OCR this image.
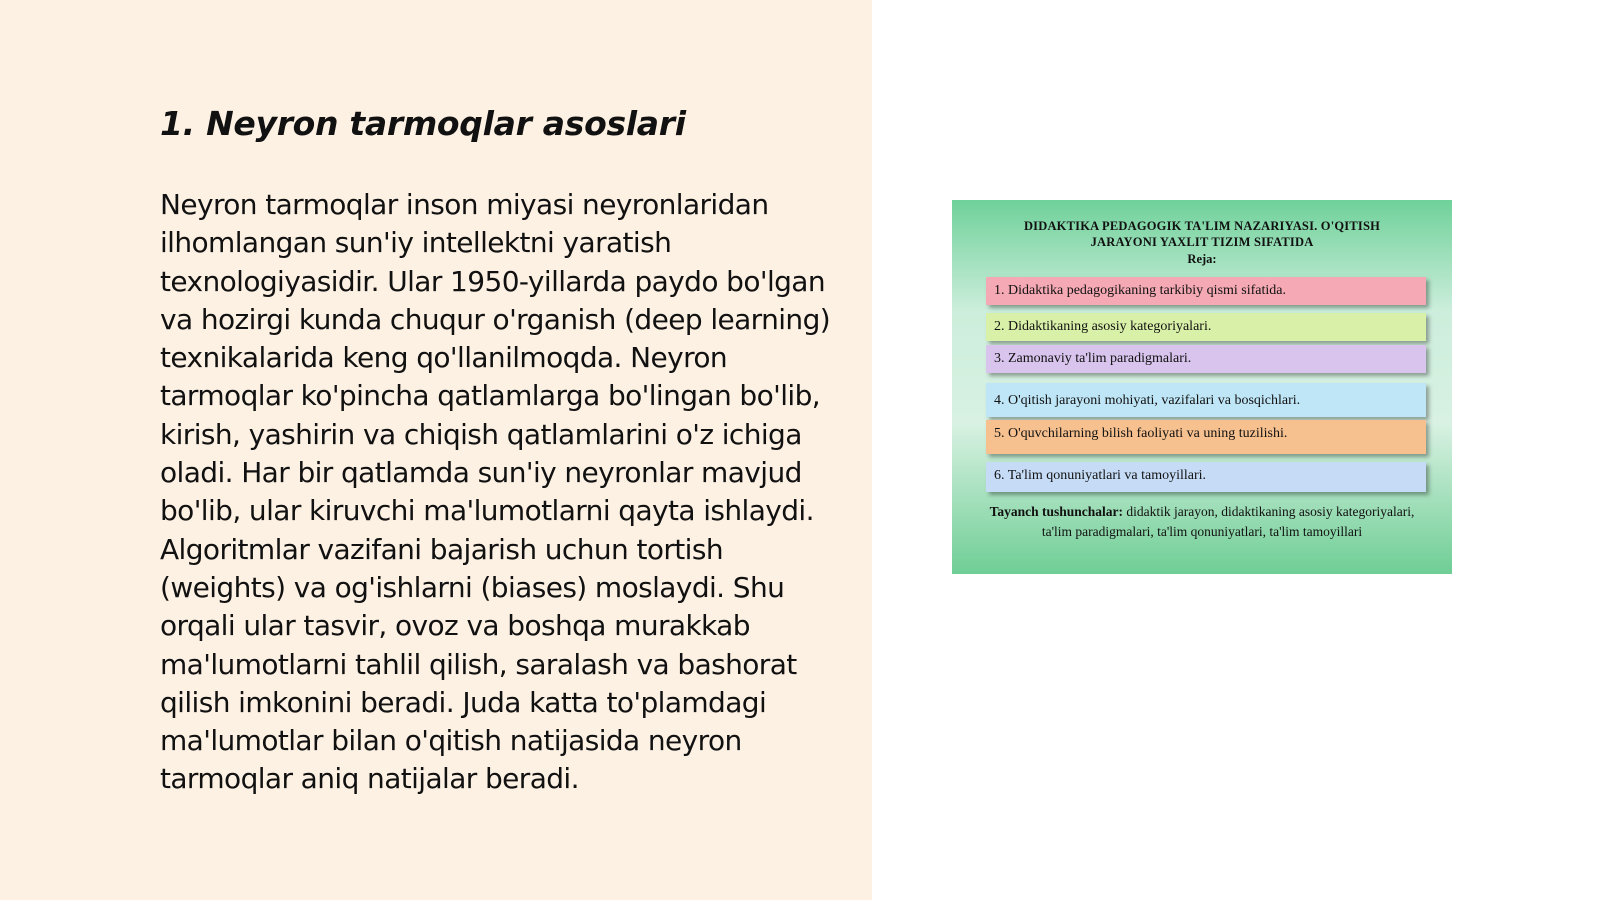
1. Neyron tarmoqlar asoslari

Neyron tarmoqlar inson miyasi neyronlaridan ilhomlangan sun'iy intellektni yaratish texnologiyasidir. Ular 1950-yillarda paydo bo'lgan va hozirgi kunda chuqur o'rganish (deep learning) texnikalarida keng qo'llanilmoqda. Neyron tarmoqlar ko'pincha qatlamlarga bo'lingan bo'lib, kirish, yashirin va chiqish qatlamlarini o'z ichiga oladi. Har bir qatlamda sun'iy neyronlar mavjud bo'lib, ular kiruvchi ma'lumotlarni qayta ishlaydi. Algoritmlar vazifani bajarish uchun tortish (weights) va og'ishlarni (biases) moslaydi. Shu orqali ular tasvir, ovoz va boshqa murakkab ma'lumotlarni tahlil qilish, saralash va bashorat qilish imkonini beradi. Juda katta to'plamdagi ma'lumotlar bilan o'qitish natijasida neyron tarmoqlar aniq natijalar beradi.

DIDAKTIKA PEDAGOGIK TA'LIM NAZARIYASI. O'QITISH
JARAYONI YAXLIT TIZIM SIFATIDA
Reja:
1. Didaktika pedagogikaning tarkibiy qismi sifatida.
2. Didaktikaning asosiy kategoriyalari.
3. Zamonaviy ta'lim paradigmalari.
4. O'qitish jarayoni mohiyati, vazifalari va bosqichlari.
5. O'quvchilarning bilish faoliyati va uning tuzilishi.
6. Ta'lim qonuniyatlari va tamoyillari.
Tayanch tushunchalar: didaktik jarayon, didaktikaning asosiy kategoriyalari, ta'lim paradigmalari, ta'lim qonuniyatlari, ta'lim tamoyillari
